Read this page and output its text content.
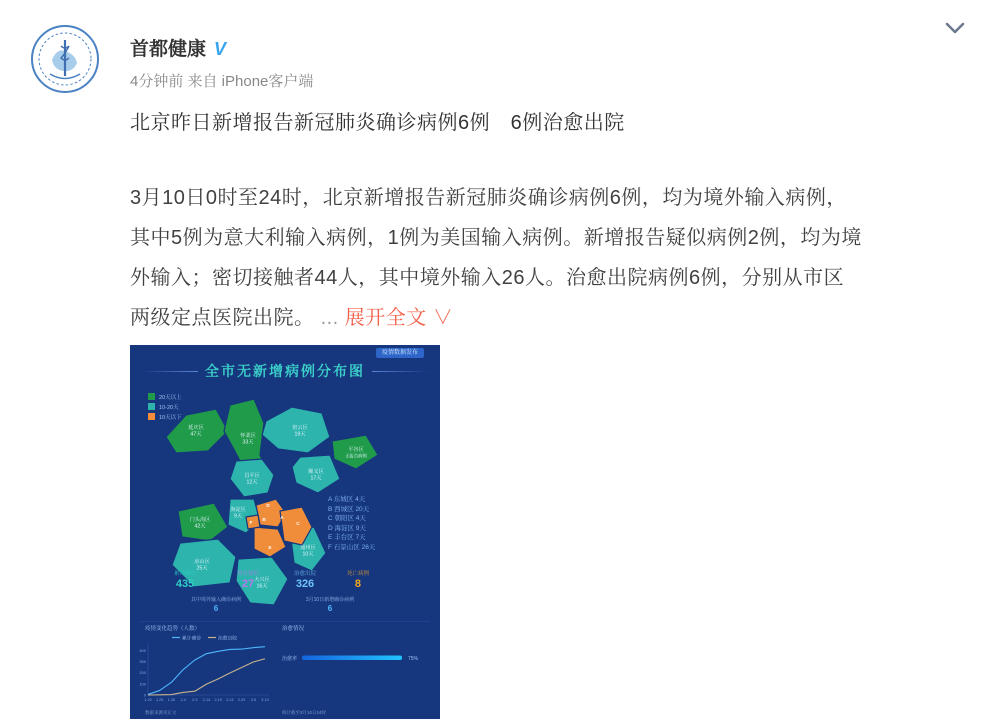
首都健康 V
4分钟前 来自 iPhone客户端
北京昨日新增报告新冠肺炎确诊病例6例　6例治愈出院
3月10日0时至24时，北京新增报告新冠肺炎确诊病例6例，均为境外输入病例，
其中5例为意大利输入病例，1例为美国输入病例。新增报告疑似病例2例，均为境
外输入；密切接触者44人，其中境外输入26人。治愈出院病例6例，分别从市区
两级定点医院出院。 ... 展开全文 ∨
疫情数据发布
全市无新增病例分布图
20天以上
10-20天
10天以下
延庆区 47天	怀柔区 33天
密云区 19天
昌平区 12天
顺义区 17天
平谷区无报告病例
门头沟区 42天
海淀区 9天
房山区 25天
大兴区 16天
通州区 10天
A
B
C
D
E
F
A 东城区 4天
B 西城区 20天
C 朝阳区 4天
D 海淀区 9天
E 丰台区 7天
F 石景山区 26天
累计确诊
435
现有疑似
27
治愈出院
326
死亡病例
8
其中境外输入确诊病例
6
3月10日新增确诊病例
6
疫情变化趋势（人数）
累计确诊	治愈出院
0
100
200
300
400
1.20 1.25 1.30 2.4 2.9 2.14 2.19 2.24 2.29 3.5 3.10
治愈情况
治愈率	75%
数据来源见正文	统计截至3月10日24时
